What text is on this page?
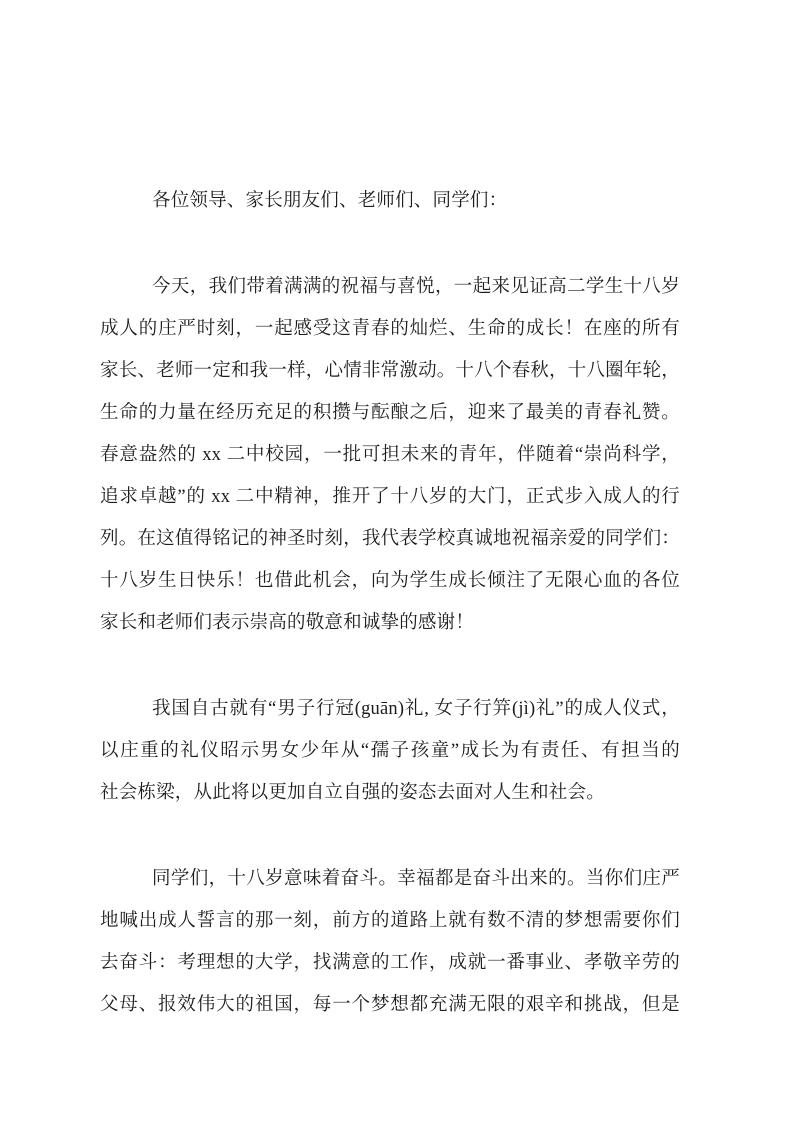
各位领导、家长朋友们、老师们、同学们：
今天，我们带着满满的祝福与喜悦，一起来见证高二学生十八岁
成人的庄严时刻，一起感受这青春的灿烂、生命的成长！在座的所有
家长、老师一定和我一样，心情非常激动。十八个春秋，十八圈年轮，
生命的力量在经历充足的积攒与酝酿之后，迎来了最美的青春礼赞。
春意盎然的 xx 二中校园，一批可担未来的青年，伴随着“崇尚科学，
追求卓越”的 xx 二中精神，推开了十八岁的大门，正式步入成人的行
列。在这值得铭记的神圣时刻，我代表学校真诚地祝福亲爱的同学们：
十八岁生日快乐！也借此机会，向为学生成长倾注了无限心血的各位
家长和老师们表示崇高的敬意和诚挚的感谢！
我国自古就有“男子行冠(guān)礼, 女子行笄(jì)礼”的成人仪式，
以庄重的礼仪昭示男女少年从“孺子孩童”成长为有责任、有担当的
社会栋梁，从此将以更加自立自强的姿态去面对人生和社会。
同学们，十八岁意味着奋斗。幸福都是奋斗出来的。当你们庄严
地喊出成人誓言的那一刻，前方的道路上就有数不清的梦想需要你们
去奋斗：考理想的大学，找满意的工作，成就一番事业、孝敬辛劳的
父母、报效伟大的祖国，每一个梦想都充满无限的艰辛和挑战，但是
